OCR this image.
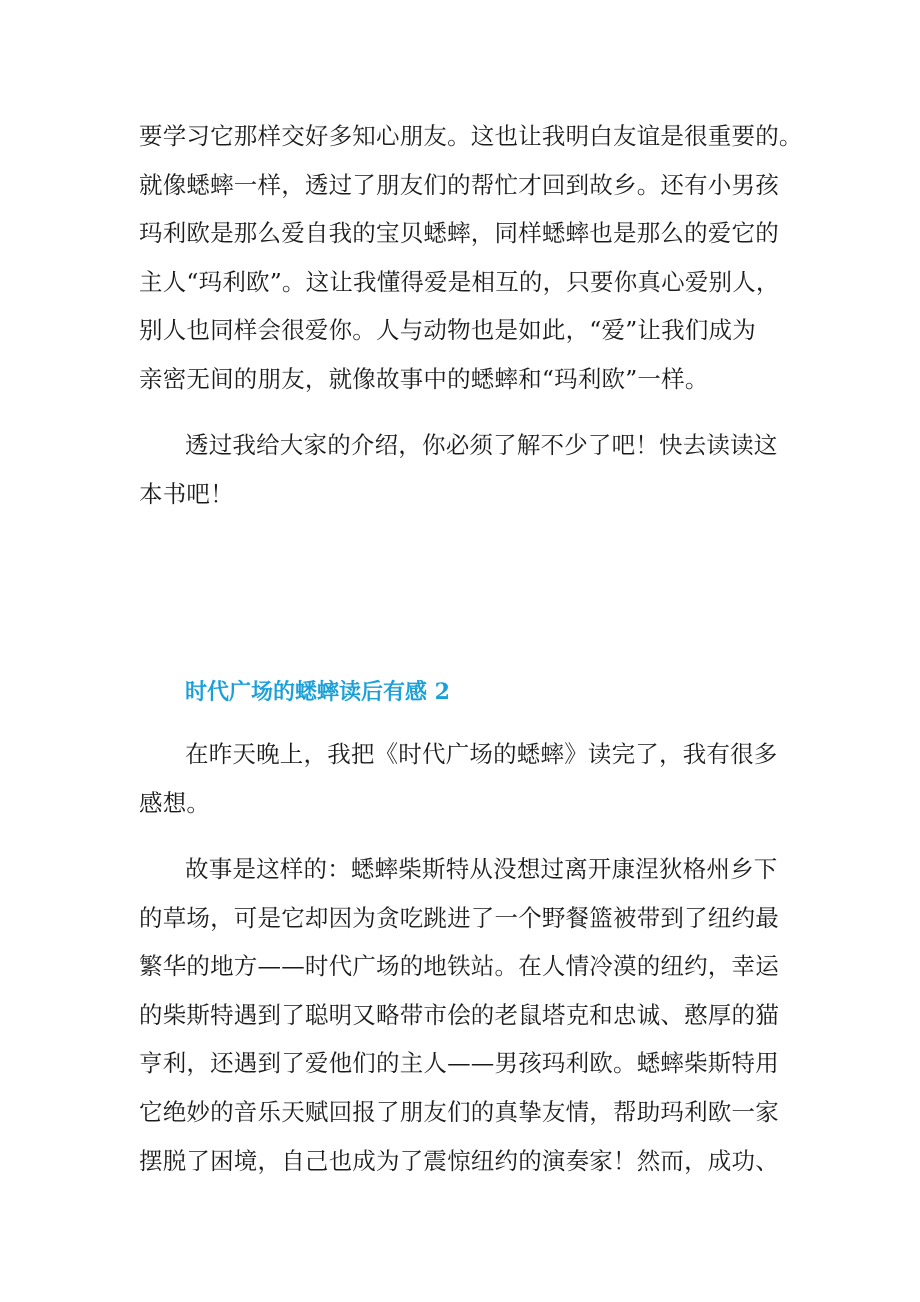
要学习它那样交好多知心朋友。这也让我明白友谊是很重要的。
就像蟋蟀一样，透过了朋友们的帮忙才回到故乡。还有小男孩
玛利欧是那么爱自我的宝贝蟋蟀，同样蟋蟀也是那么的爱它的
主人“玛利欧”。这让我懂得爱是相互的，只要你真心爱别人，
别人也同样会很爱你。人与动物也是如此，“爱”让我们成为
亲密无间的朋友，就像故事中的蟋蟀和“玛利欧”一样。
透过我给大家的介绍，你必须了解不少了吧！快去读读这
本书吧！
时代广场的蟋蟀读后有感 2
在昨天晚上，我把《时代广场的蟋蟀》读完了，我有很多
感想。
故事是这样的：蟋蟀柴斯特从没想过离开康涅狄格州乡下
的草场，可是它却因为贪吃跳进了一个野餐篮被带到了纽约最
繁华的地方——时代广场的地铁站。在人情冷漠的纽约，幸运
的柴斯特遇到了聪明又略带市侩的老鼠塔克和忠诚、憨厚的猫
亨利，还遇到了爱他们的主人——男孩玛利欧。蟋蟀柴斯特用
它绝妙的音乐天赋回报了朋友们的真挚友情，帮助玛利欧一家
摆脱了困境，自己也成为了震惊纽约的演奏家！然而，成功、
